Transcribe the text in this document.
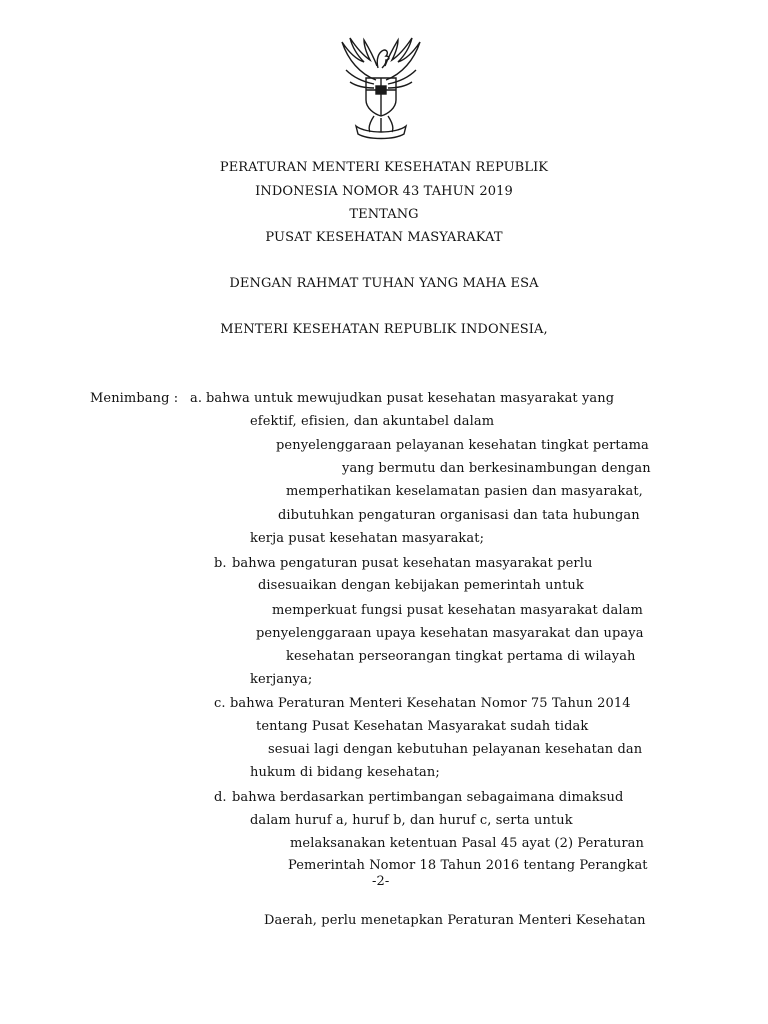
PERATURAN MENTERI KESEHATAN REPUBLIK
INDONESIA NOMOR 43 TAHUN 2019
TENTANG
PUSAT KESEHATAN MASYARAKAT
DENGAN RAHMAT TUHAN YANG MAHA ESA
MENTERI KESEHATAN REPUBLIK INDONESIA,
Menimbang : a. bahwa untuk mewujudkan pusat kesehatan masyarakat yang
efektif, efisien, dan akuntabel dalam
penyelenggaraan pelayanan kesehatan tingkat pertama
yang bermutu dan berkesinambungan dengan
memperhatikan keselamatan pasien dan masyarakat,
dibutuhkan pengaturan organisasi dan tata hubungan
kerja pusat kesehatan masyarakat;
b. bahwa pengaturan pusat kesehatan masyarakat perlu
disesuaikan dengan kebijakan pemerintah untuk
memperkuat fungsi pusat kesehatan masyarakat dalam
penyelenggaraan upaya kesehatan masyarakat dan upaya
kesehatan perseorangan tingkat pertama di wilayah
kerjanya;
c. bahwa Peraturan Menteri Kesehatan Nomor 75 Tahun 2014
tentang Pusat Kesehatan Masyarakat sudah tidak
sesuai lagi dengan kebutuhan pelayanan kesehatan dan
hukum di bidang kesehatan;
d. bahwa berdasarkan pertimbangan sebagaimana dimaksud
dalam huruf a, huruf b, dan huruf c, serta untuk
melaksanakan ketentuan Pasal 45 ayat (2) Peraturan
Pemerintah Nomor 18 Tahun 2016 tentang Perangkat
-2-
Daerah, perlu menetapkan Peraturan Menteri Kesehatan
